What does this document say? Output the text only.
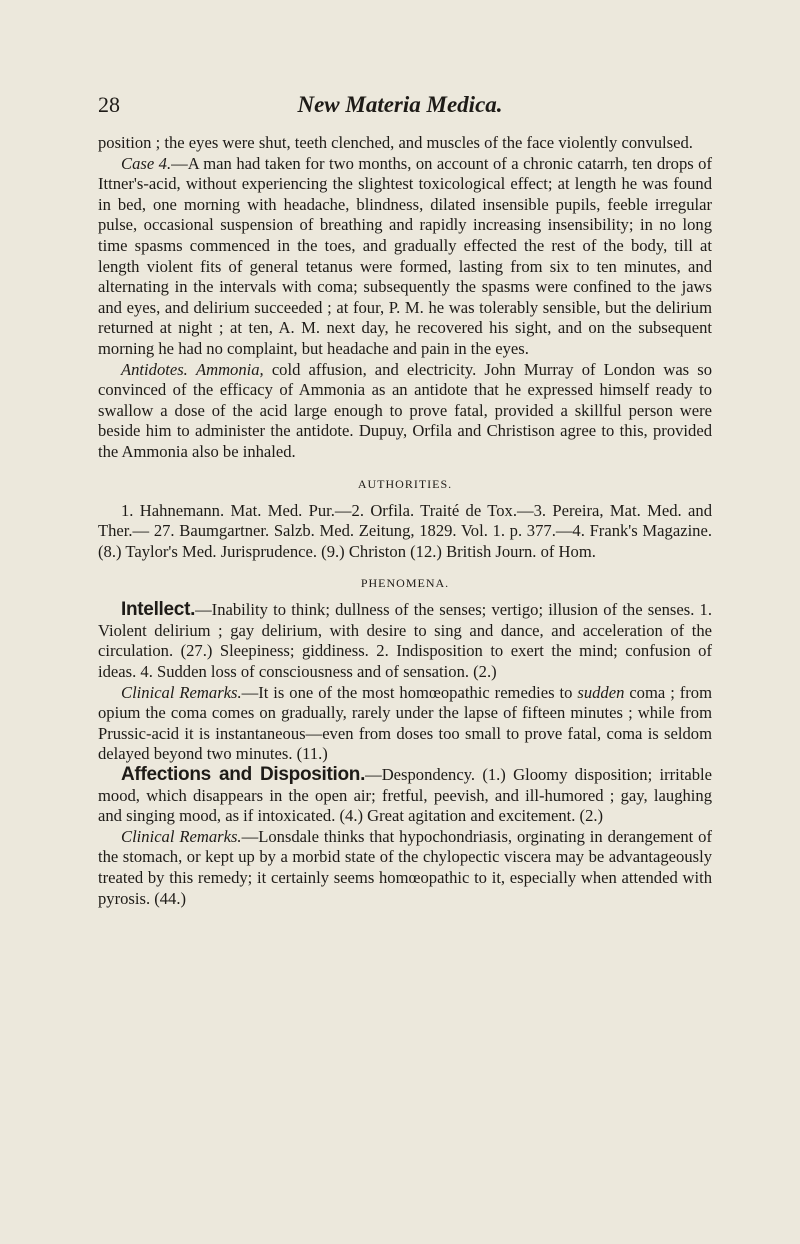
28	New Materia Medica.

position ; the eyes were shut, teeth clenched, and muscles of the face violently convulsed.

Case 4.—A man had taken for two months, on account of a chronic catarrh, ten drops of Ittner's-acid, without experiencing the slightest toxicological effect; at length he was found in bed, one morning with headache, blindness, dilated insensible pupils, feeble irregular pulse, occasional suspension of breathing and rapidly increasing insensibility; in no long time spasms commenced in the toes, and gradually effected the rest of the body, till at length violent fits of general tetanus were formed, lasting from six to ten minutes, and alternating in the intervals with coma; subsequently the spasms were confined to the jaws and eyes, and delirium succeeded ; at four, P. M. he was tolerably sensible, but the delirium returned at night ; at ten, A. M. next day, he recovered his sight, and on the subsequent morning he had no complaint, but headache and pain in the eyes.

Antidotes. Ammonia, cold affusion, and electricity. John Murray of London was so convinced of the efficacy of Ammonia as an antidote that he expressed himself ready to swallow a dose of the acid large enough to prove fatal, provided a skillful person were beside him to administer the antidote. Dupuy, Orfila and Christison agree to this, provided the Ammonia also be inhaled.

AUTHORITIES.

1. Hahnemann. Mat. Med. Pur.—2. Orfila. Traité de Tox.—3. Pereira, Mat. Med. and Ther.— 27. Baumgartner. Salzb. Med. Zeitung, 1829. Vol. 1. p. 377.—4. Frank's Magazine. (8.) Taylor's Med. Jurisprudence. (9.) Christon (12.) British Journ. of Hom.

PHENOMENA.

Intellect.—Inability to think; dullness of the senses; vertigo; illusion of the senses. 1. Violent delirium ; gay delirium, with desire to sing and dance, and acceleration of the circulation. (27.) Sleepiness; giddiness. 2. Indisposition to exert the mind; confusion of ideas. 4. Sudden loss of consciousness and of sensation. (2.)

Clinical Remarks.—It is one of the most homœopathic remedies to sudden coma ; from opium the coma comes on gradually, rarely under the lapse of fifteen minutes ; while from Prussic-acid it is instantaneous—even from doses too small to prove fatal, coma is seldom delayed beyond two minutes. (11.)

Affections and Disposition.—Despondency. (1.) Gloomy disposition; irritable mood, which disappears in the open air; fretful, peevish, and ill-humored ; gay, laughing and singing mood, as if intoxicated. (4.) Great agitation and excitement. (2.)

Clinical Remarks.—Lonsdale thinks that hypochondriasis, orginating in derangement of the stomach, or kept up by a morbid state of the chylopectic viscera may be advantageously treated by this remedy; it certainly seems homœopathic to it, especially when attended with pyrosis. (44.)
